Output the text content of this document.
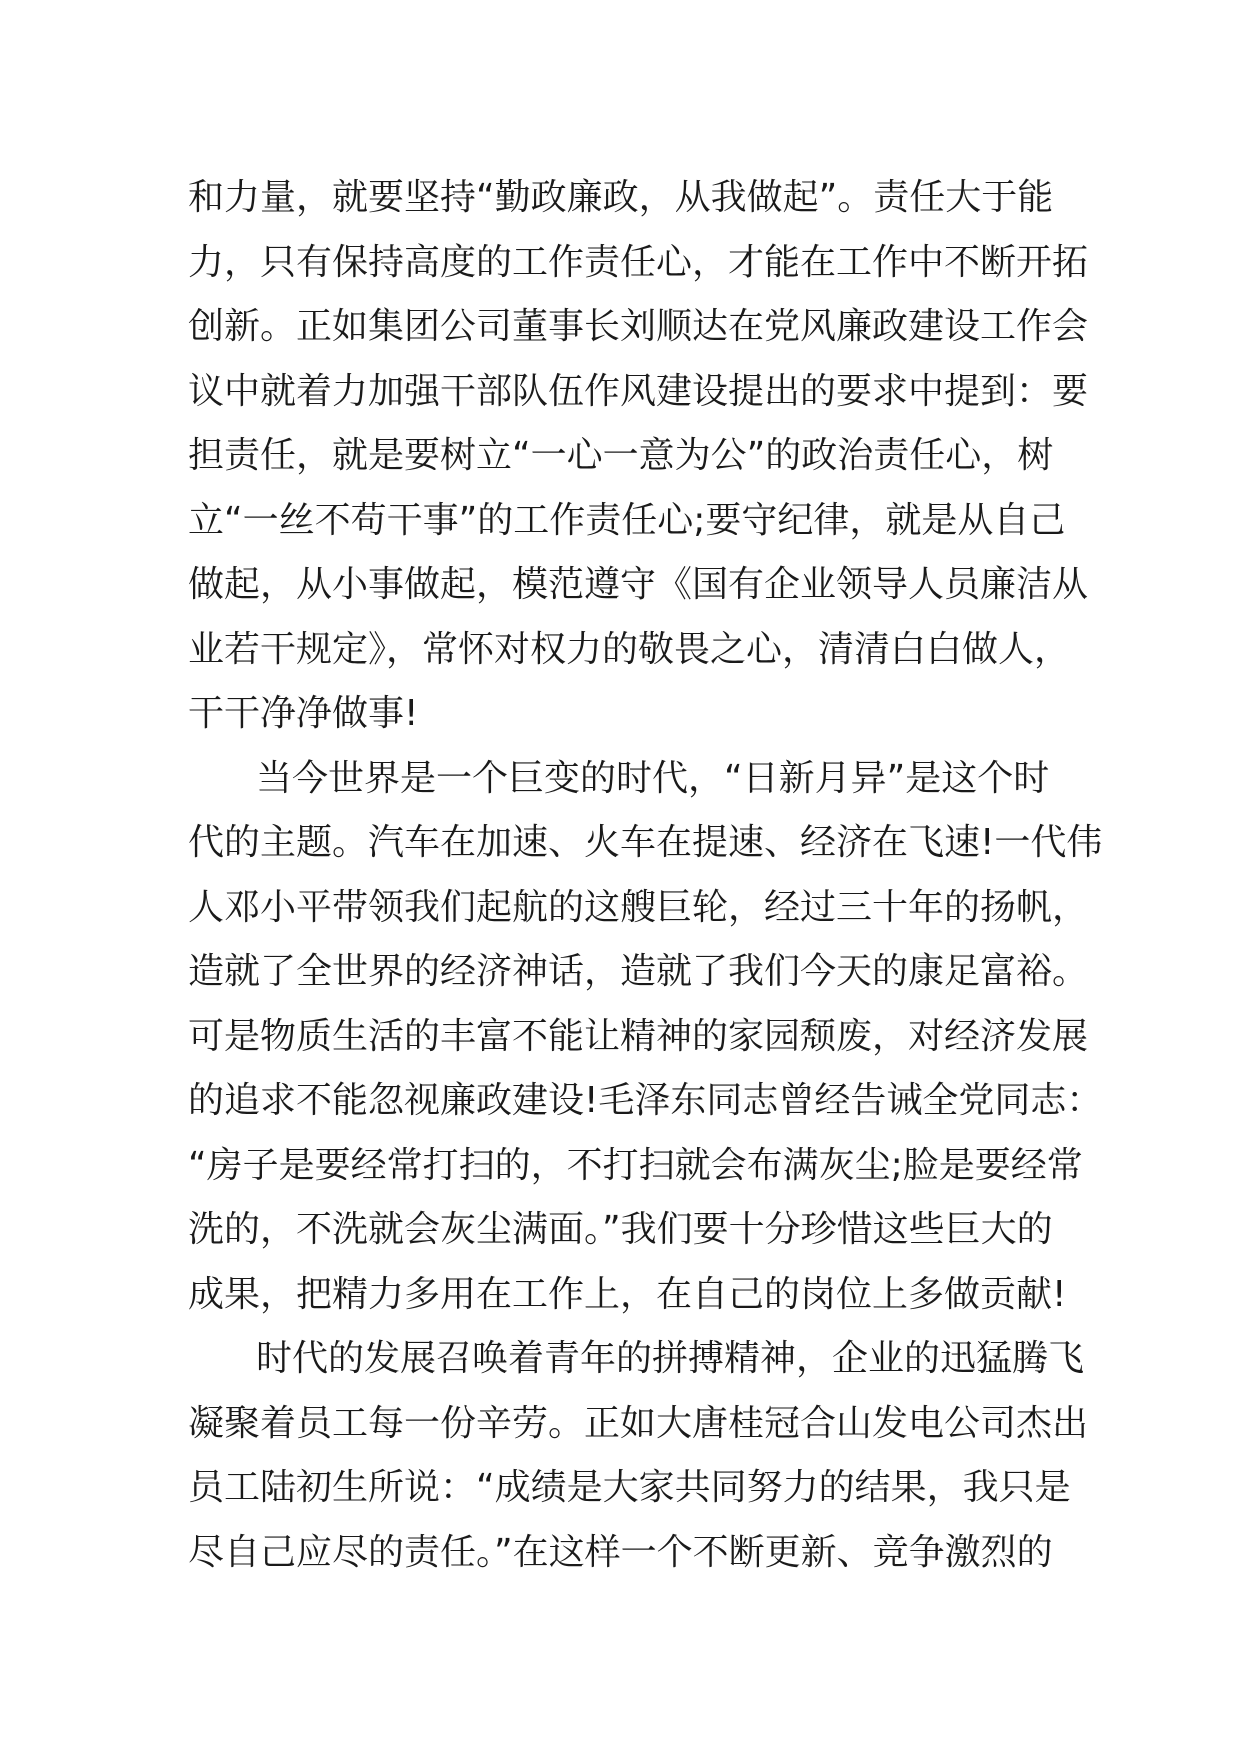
和力量，就要坚持“勤政廉政，从我做起”。责任大于能
力，只有保持高度的工作责任心，才能在工作中不断开拓
创新。正如集团公司董事长刘顺达在党风廉政建设工作会
议中就着力加强干部队伍作风建设提出的要求中提到：要
担责任，就是要树立“一心一意为公”的政治责任心，树
立“一丝不苟干事”的工作责任心;要守纪律，就是从自己
做起，从小事做起，模范遵守《国有企业领导人员廉洁从
业若干规定》，常怀对权力的敬畏之心，清清白白做人，
干干净净做事!
当今世界是一个巨变的时代，“日新月异”是这个时
代的主题。汽车在加速、火车在提速、经济在飞速!一代伟
人邓小平带领我们起航的这艘巨轮，经过三十年的扬帆，
造就了全世界的经济神话，造就了我们今天的康足富裕。
可是物质生活的丰富不能让精神的家园颓废，对经济发展
的追求不能忽视廉政建设!毛泽东同志曾经告诫全党同志：
“房子是要经常打扫的，不打扫就会布满灰尘;脸是要经常
洗的，不洗就会灰尘满面。”我们要十分珍惜这些巨大的
成果，把精力多用在工作上，在自己的岗位上多做贡献!
时代的发展召唤着青年的拼搏精神，企业的迅猛腾飞
凝聚着员工每一份辛劳。正如大唐桂冠合山发电公司杰出
员工陆初生所说：“成绩是大家共同努力的结果，我只是
尽自己应尽的责任。”在这样一个不断更新、竞争激烈的
